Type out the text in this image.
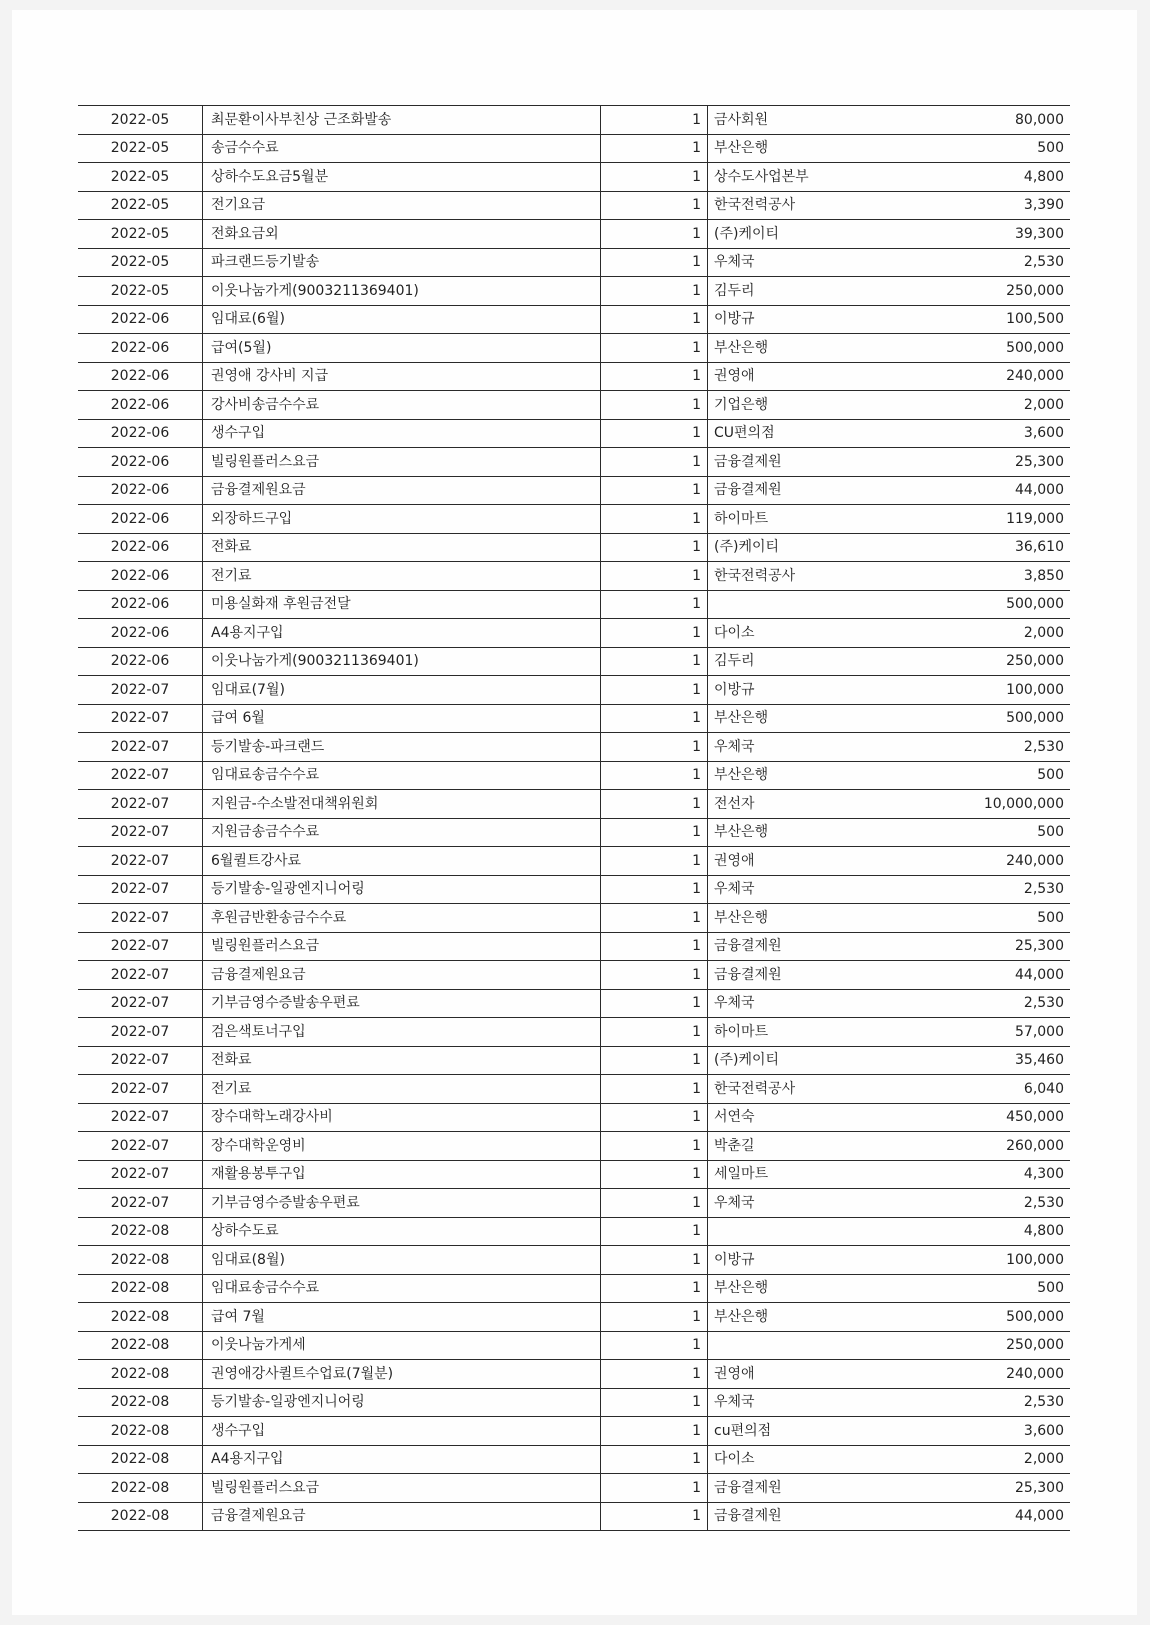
2022-05	최문환이사부친상 근조화발송	1	금사회원	80,000
2022-05	송금수수료	1	부산은행	500
2022-05	상하수도요금5월분	1	상수도사업본부	4,800
2022-05	전기요금	1	한국전력공사	3,390
2022-05	전화요금외	1	(주)케이티	39,300
2022-05	파크랜드등기발송	1	우체국	2,530
2022-05	이웃나눔가게(9003211369401)	1	김두리	250,000
2022-06	임대료(6월)	1	이방규	100,500
2022-06	급여(5월)	1	부산은행	500,000
2022-06	권영애 강사비 지급	1	권영애	240,000
2022-06	강사비송금수수료	1	기업은행	2,000
2022-06	생수구입	1	CU편의점	3,600
2022-06	빌링원플러스요금	1	금융결제원	25,300
2022-06	금융결제원요금	1	금융결제원	44,000
2022-06	외장하드구입	1	하이마트	119,000
2022-06	전화료	1	(주)케이티	36,610
2022-06	전기료	1	한국전력공사	3,850
2022-06	미용실화재 후원금전달	1		500,000
2022-06	A4용지구입	1	다이소	2,000
2022-06	이웃나눔가게(9003211369401)	1	김두리	250,000
2022-07	임대료(7월)	1	이방규	100,000
2022-07	급여 6월	1	부산은행	500,000
2022-07	등기발송-파크랜드	1	우체국	2,530
2022-07	임대료송금수수료	1	부산은행	500
2022-07	지원금-수소발전대책위원회	1	전선자	10,000,000
2022-07	지원금송금수수료	1	부산은행	500
2022-07	6월퀼트강사료	1	권영애	240,000
2022-07	등기발송-일광엔지니어링	1	우체국	2,530
2022-07	후원금반환송금수수료	1	부산은행	500
2022-07	빌링원플러스요금	1	금융결제원	25,300
2022-07	금융결제원요금	1	금융결제원	44,000
2022-07	기부금영수증발송우편료	1	우체국	2,530
2022-07	검은색토너구입	1	하이마트	57,000
2022-07	전화료	1	(주)케이티	35,460
2022-07	전기료	1	한국전력공사	6,040
2022-07	장수대학노래강사비	1	서연숙	450,000
2022-07	장수대학운영비	1	박춘길	260,000
2022-07	재활용봉투구입	1	세일마트	4,300
2022-07	기부금영수증발송우편료	1	우체국	2,530
2022-08	상하수도료	1		4,800
2022-08	임대료(8월)	1	이방규	100,000
2022-08	임대료송금수수료	1	부산은행	500
2022-08	급여 7월	1	부산은행	500,000
2022-08	이웃나눔가게세	1		250,000
2022-08	권영애강사퀼트수업료(7월분)	1	권영애	240,000
2022-08	등기발송-일광엔지니어링	1	우체국	2,530
2022-08	생수구입	1	cu편의점	3,600
2022-08	A4용지구입	1	다이소	2,000
2022-08	빌링원플러스요금	1	금융결제원	25,300
2022-08	금융결제원요금	1	금융결제원	44,000
